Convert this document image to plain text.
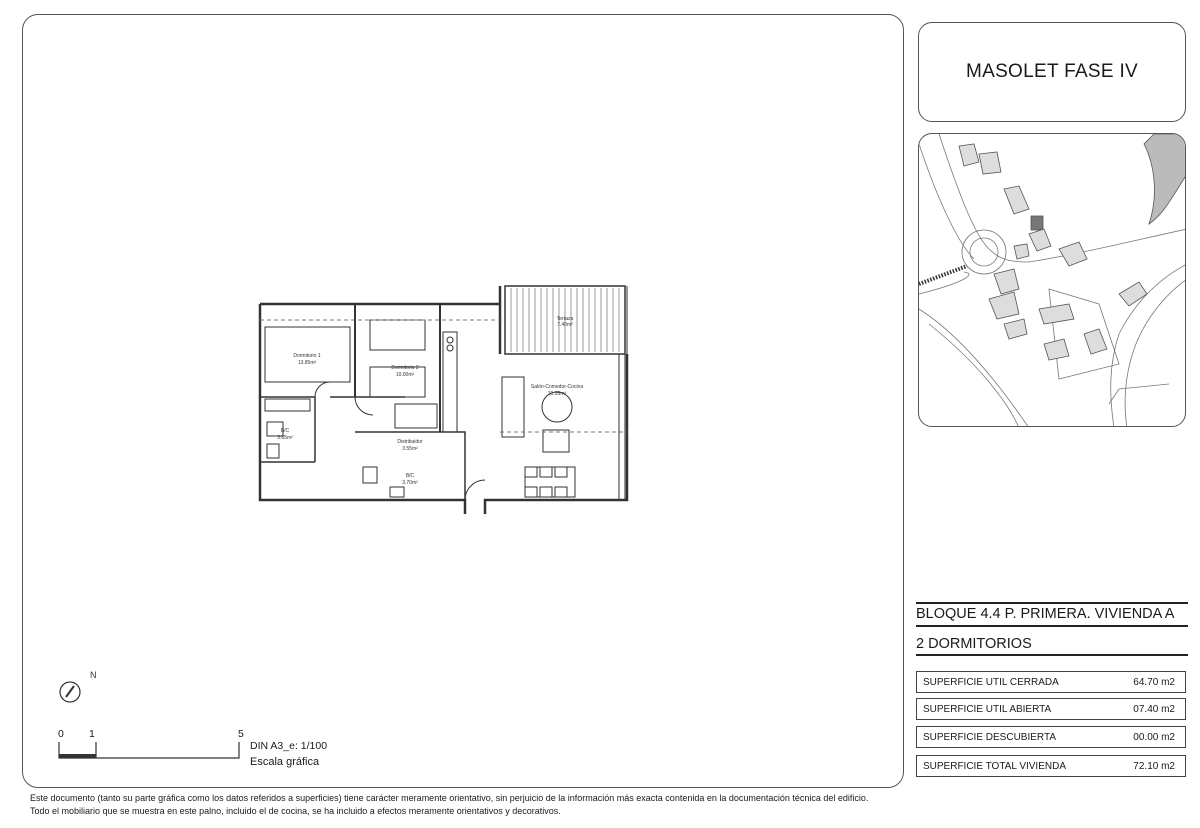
Terraza
7.40m²
Dormitorio 1
13.85m²
Dormitorio 2
10.00m²
Salón-Comedor-Cocina
31.95m²
B/C
3.65m²
Distribuidor
3.55m²
B/C
3.70m²
N
0 1	5
DIN A3_e: 1/100
Escala gráfica
MASOLET FASE IV
BLOQUE 4.4 P. PRIMERA. VIVIENDA A
2 DORMITORIOS
SUPERFICIE UTIL CERRADA	64.70 m2
SUPERFICIE UTIL ABIERTA	07.40 m2
SUPERFICIE DESCUBIERTA	00.00 m2
SUPERFICIE TOTAL VIVIENDA	72.10 m2
Este documento (tanto su parte gráfica como los datos referidos a superficies) tiene carácter meramente orientativo, sin perjuicio de la información más exacta contenida en la documentación técnica del edificio.
Todo el mobiliario que se muestra en este palno, incluido el de cocina, se ha incluido a efectos meramente orientativos y decorativos.
